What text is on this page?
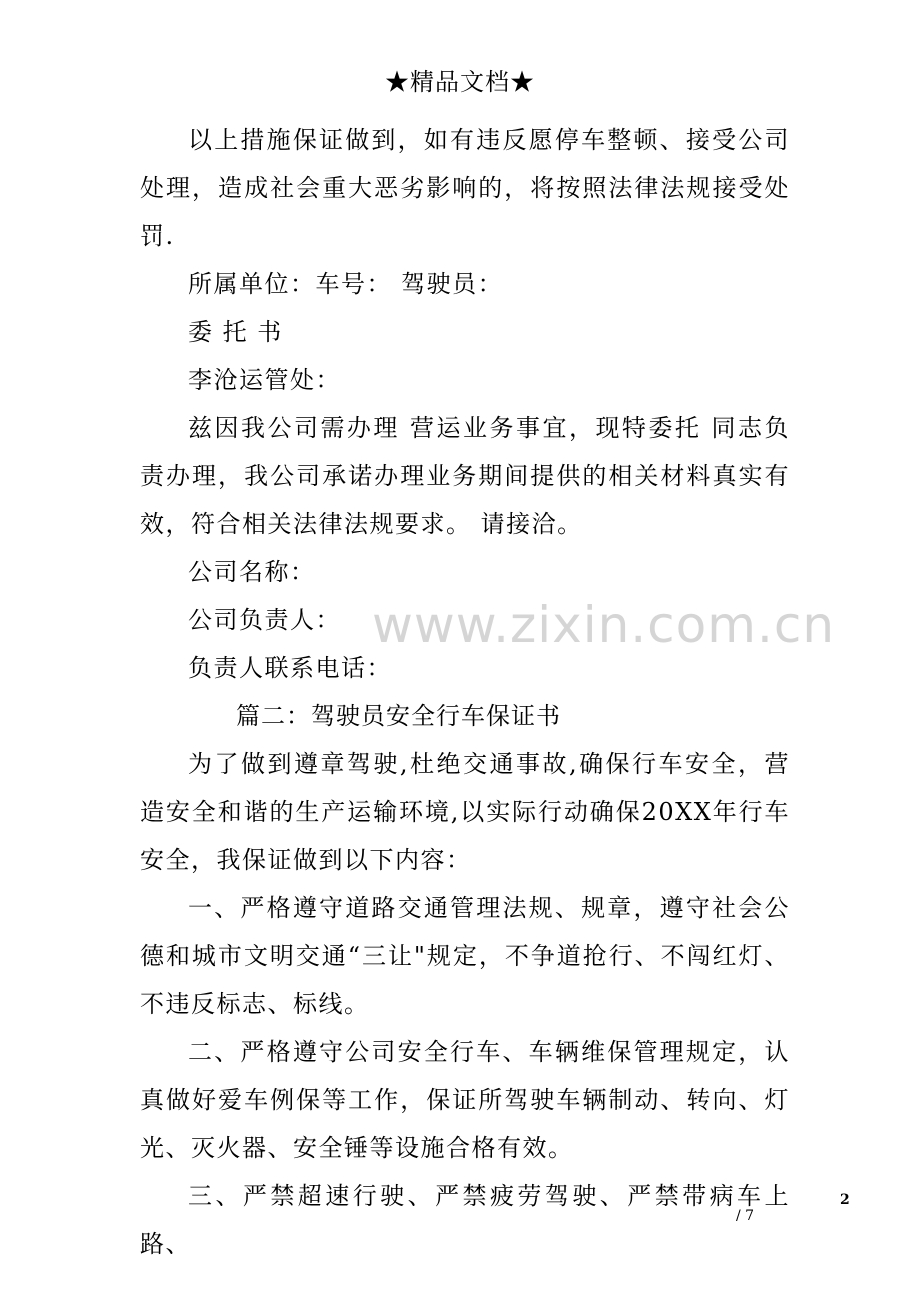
★精品文档★
www.zixin.com.cn

以上措施保证做到，如有违反愿停车整顿、接受公司处理，造成社会重大恶劣影响的，将按照法律法规接受处罚.

所属单位：车号： 驾驶员：

委 托 书

李沧运管处：

兹因我公司需办理 营运业务事宜，现特委托 同志负责办理，我公司承诺办理业务期间提供的相关材料真实有效，符合相关法律法规要求。 请接洽。

公司名称：

公司负责人：

负责人联系电话：

篇二：驾驶员安全行车保证书

为了做到遵章驾驶,杜绝交通事故,确保行车安全，营造安全和谐的生产运输环境,以实际行动确保20XX年行车安全，我保证做到以下内容：

一、严格遵守道路交通管理法规、规章，遵守社会公德和城市文明交通“三让"规定，不争道抢行、不闯红灯、不违反标志、标线。

二、严格遵守公司安全行车、车辆维保管理规定，认真做好爱车例保等工作，保证所驾驶车辆制动、转向、灯光、灭火器、安全锤等设施合格有效。

三、严禁超速行驶、严禁疲劳驾驶、严禁带病车上路、

2
/ 7
